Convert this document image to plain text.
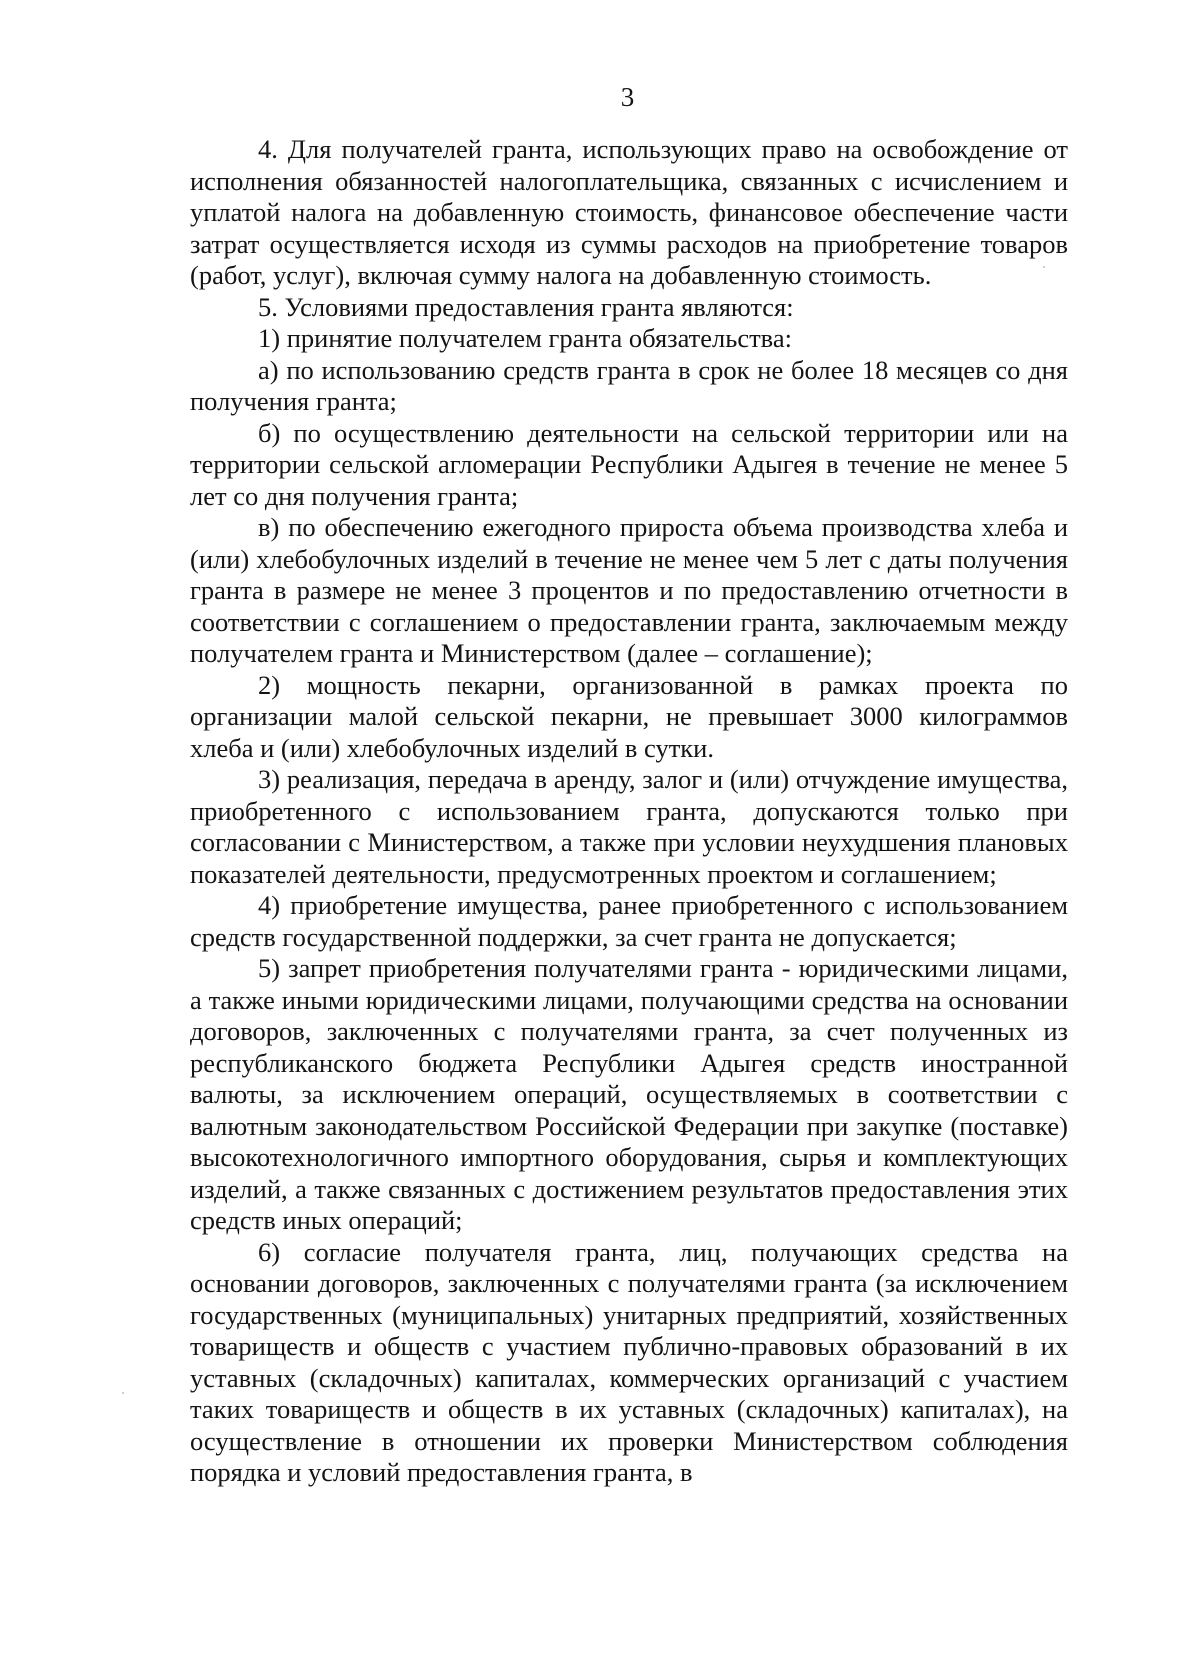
3

4. Для получателей гранта, использующих право на освобождение от исполнения обязанностей налогоплательщика, связанных с исчислением и уплатой налога на добавленную стоимость, финансовое обеспечение части затрат осуществляется исходя из суммы расходов на приобретение товаров (работ, услуг), включая сумму налога на добавленную стоимость.

5. Условиями предоставления гранта являются:

1) принятие получателем гранта обязательства:

а) по использованию средств гранта в срок не более 18 месяцев со дня получения гранта;

б) по осуществлению деятельности на сельской территории или на территории сельской агломерации Республики Адыгея в течение не менее 5 лет со дня получения гранта;

в) по обеспечению ежегодного прироста объема производства хлеба и (или) хлебобулочных изделий в течение не менее чем 5 лет с даты получения гранта в размере не менее 3 процентов и по предоставлению отчетности в соответствии с соглашением о предоставлении гранта, заключаемым между получателем гранта и Министерством (далее – соглашение);

2) мощность пекарни, организованной в рамках проекта по организации малой сельской пекарни, не превышает 3000 килограммов хлеба и (или) хлебобулочных изделий в сутки.

3) реализация, передача в аренду, залог и (или) отчуждение имущества, приобретенного с использованием гранта, допускаются только при согласовании с Министерством, а также при условии неухудшения плановых показателей деятельности, предусмотренных проектом и соглашением;

4) приобретение имущества, ранее приобретенного с использованием средств государственной поддержки, за счет гранта не допускается;

5) запрет приобретения получателями гранта - юридическими лицами, а также иными юридическими лицами, получающими средства на основании договоров, заключенных с получателями гранта, за счет полученных из республиканского бюджета Республики Адыгея средств иностранной валюты, за исключением операций, осуществляемых в соответствии с валютным законодательством Российской Федерации при закупке (поставке) высокотехнологичного импортного оборудования, сырья и комплектующих изделий, а также связанных с достижением результатов предоставления этих средств иных операций;

6) согласие получателя гранта, лиц, получающих средства на основании договоров, заключенных с получателями гранта (за исключением государственных (муниципальных) унитарных предприятий, хозяйственных товариществ и обществ с участием публично-правовых образований в их уставных (складочных) капиталах, коммерческих организаций с участием таких товариществ и обществ в их уставных (складочных) капиталах), на осуществление в отношении их проверки Министерством соблюдения порядка и условий предоставления гранта, в
